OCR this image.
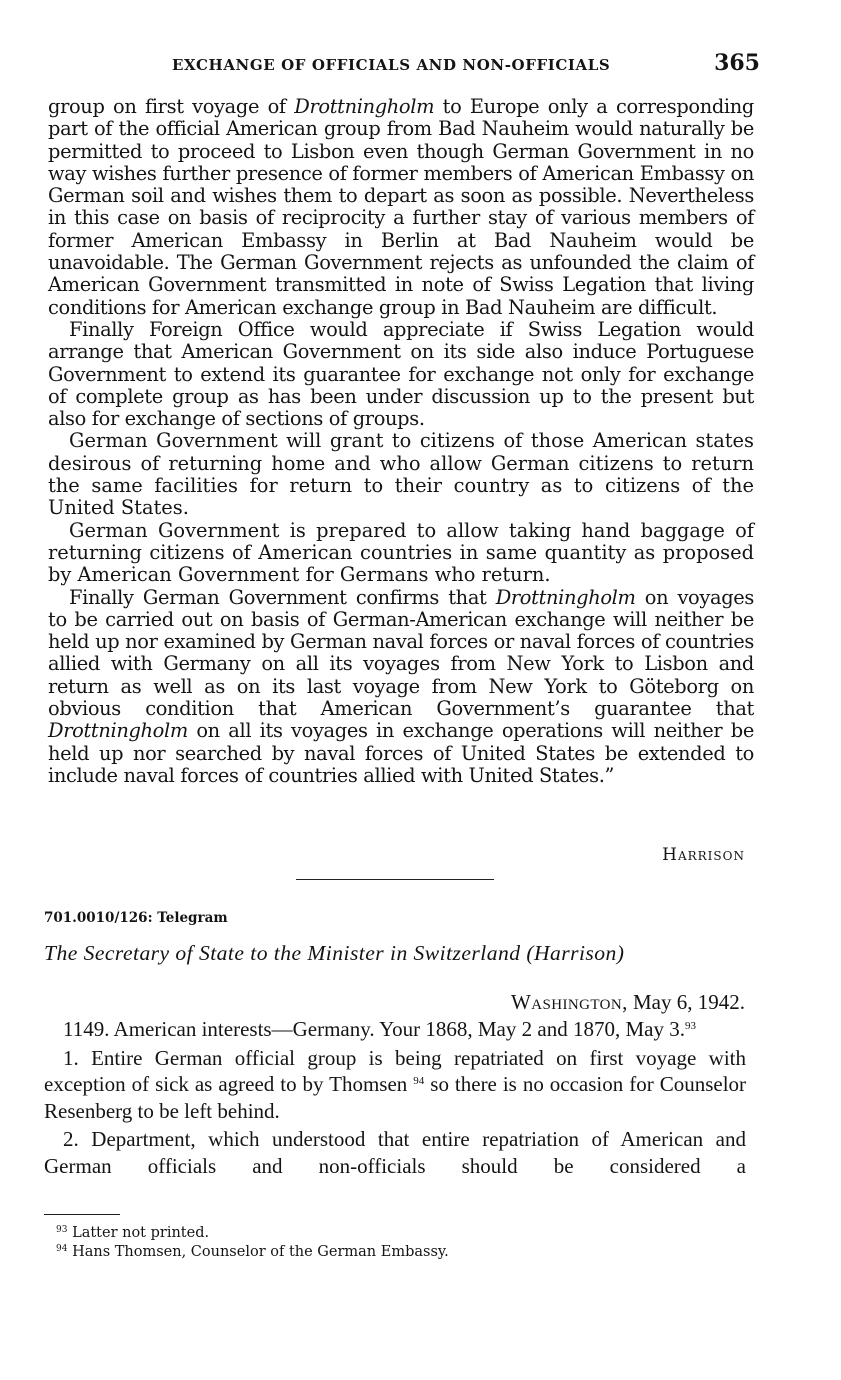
EXCHANGE OF OFFICIALS AND NON-OFFICIALS	365

group on first voyage of Drottningholm to Europe only a corresponding part of the official American group from Bad Nauheim would naturally be permitted to proceed to Lisbon even though German Government in no way wishes further presence of former members of American Embassy on German soil and wishes them to depart as soon as possible. Nevertheless in this case on basis of reciprocity a further stay of various members of former American Embassy in Berlin at Bad Nauheim would be unavoidable. The German Government rejects as unfounded the claim of American Government transmitted in note of Swiss Legation that living conditions for American exchange group in Bad Nauheim are difficult.

Finally Foreign Office would appreciate if Swiss Legation would arrange that American Government on its side also induce Portuguese Government to extend its guarantee for exchange not only for exchange of complete group as has been under discussion up to the present but also for exchange of sections of groups.

German Government will grant to citizens of those American states desirous of returning home and who allow German citizens to return the same facilities for return to their country as to citizens of the United States.

German Government is prepared to allow taking hand baggage of returning citizens of American countries in same quantity as proposed by American Government for Germans who return.

Finally German Government confirms that Drottningholm on voyages to be carried out on basis of German-American exchange will neither be held up nor examined by German naval forces or naval forces of countries allied with Germany on all its voyages from New York to Lisbon and return as well as on its last voyage from New York to Göteborg on obvious condition that American Government’s guarantee that Drottningholm on all its voyages in exchange operations will neither be held up nor searched by naval forces of United States be extended to include naval forces of countries allied with United States.”

Harrison
701.0010/126: Telegram
The Secretary of State to the Minister in Switzerland (Harrison)
Washington, May 6, 1942.

1149. American interests—Germany. Your 1868, May 2 and 1870, May 3.93

1. Entire German official group is being repatriated on first voyage with exception of sick as agreed to by Thomsen $^{94}$ so there is no occasion for Counselor Resenberg to be left behind.

2. Department, which understood that entire repatriation of American and German officials and non-officials should be considered a

$^{93}$ Latter not printed.
$^{94}$ Hans Thomsen, Counselor of the German Embassy.
